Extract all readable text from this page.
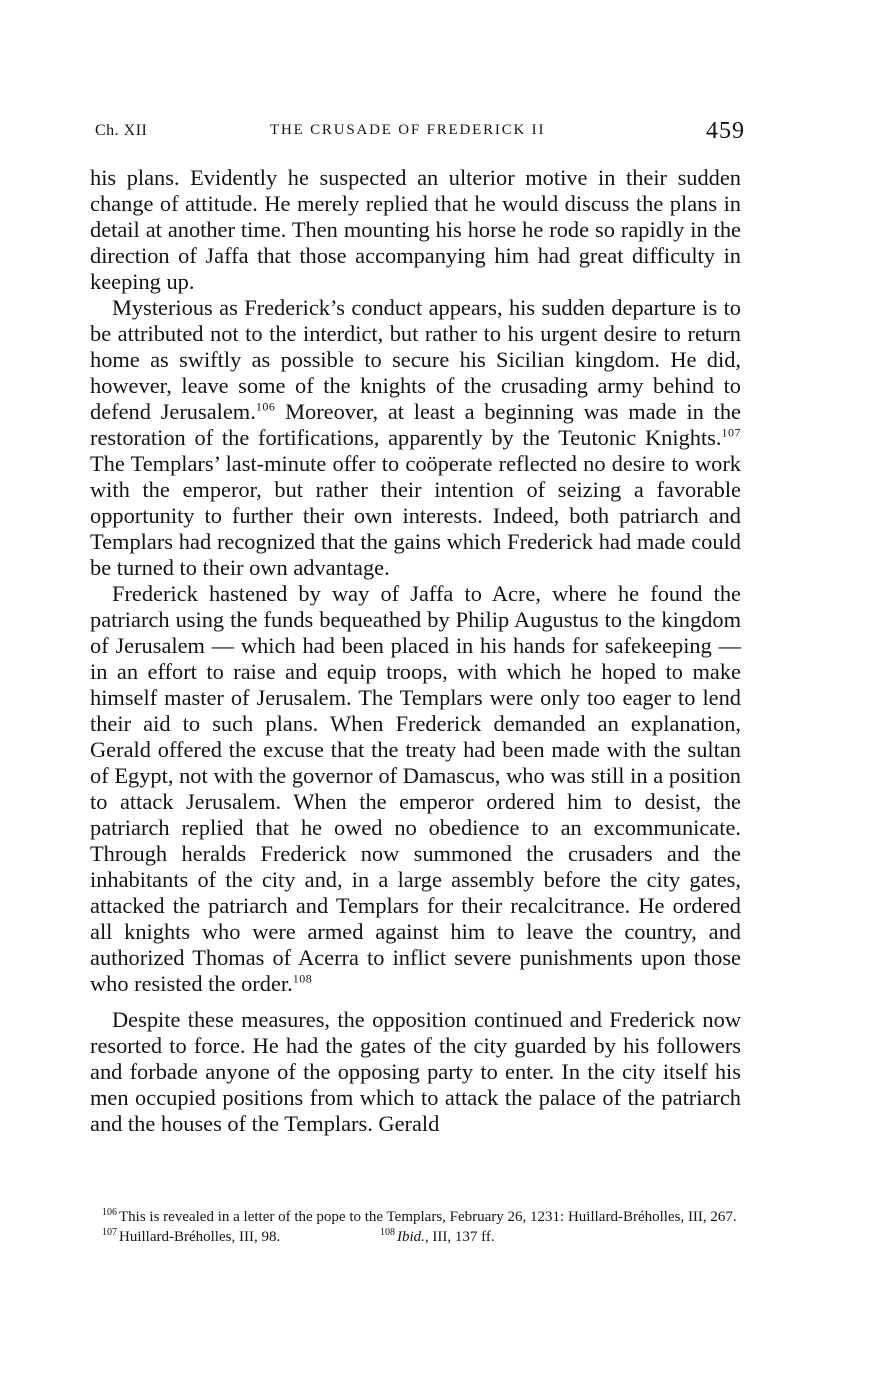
Ch. XII	THE CRUSADE OF FREDERICK II	459

his plans. Evidently he suspected an ulterior motive in their sudden change of attitude. He merely replied that he would discuss the plans in detail at another time. Then mounting his horse he rode so rapidly in the direction of Jaffa that those accompanying him had great difficulty in keeping up.

Mysterious as Frederick’s conduct appears, his sudden departure is to be attributed not to the interdict, but rather to his urgent desire to return home as swiftly as possible to secure his Sicilian kingdom. He did, however, leave some of the knights of the crusading army behind to defend Jerusalem.$^{106}$ Moreover, at least a beginning was made in the restoration of the fortifications, apparently by the Teutonic Knights.$^{107}$ The Templars’ last-minute offer to coöperate reflected no desire to work with the emperor, but rather their intention of seizing a favorable opportunity to further their own interests. Indeed, both patriarch and Templars had recognized that the gains which Frederick had made could be turned to their own advantage.

Frederick hastened by way of Jaffa to Acre, where he found the patriarch using the funds bequeathed by Philip Augustus to the kingdom of Jerusalem — which had been placed in his hands for safekeeping — in an effort to raise and equip troops, with which he hoped to make himself master of Jerusalem. The Templars were only too eager to lend their aid to such plans. When Frederick demanded an explanation, Gerald offered the excuse that the treaty had been made with the sultan of Egypt, not with the governor of Damascus, who was still in a position to attack Jerusalem. When the emperor ordered him to desist, the patriarch replied that he owed no obedience to an excommunicate. Through heralds Frederick now summoned the crusaders and the inhabitants of the city and, in a large assembly before the city gates, attacked the patriarch and Templars for their recalcitrance. He ordered all knights who were armed against him to leave the country, and authorized Thomas of Acerra to inflict severe punishments upon those who resisted the order.$^{108}$

Despite these measures, the opposition continued and Frederick now resorted to force. He had the gates of the city guarded by his followers and forbade anyone of the opposing party to enter. In the city itself his men occupied positions from which to attack the palace of the patriarch and the houses of the Templars. Gerald

$^{106}$ This is revealed in a letter of the pope to the Templars, February 26, 1231: Huillard-Bréholles, III, 267.

$^{107}$ Huillard-Bréholles, III, 98.	$^{108}$ Ibid., III, 137 ff.
